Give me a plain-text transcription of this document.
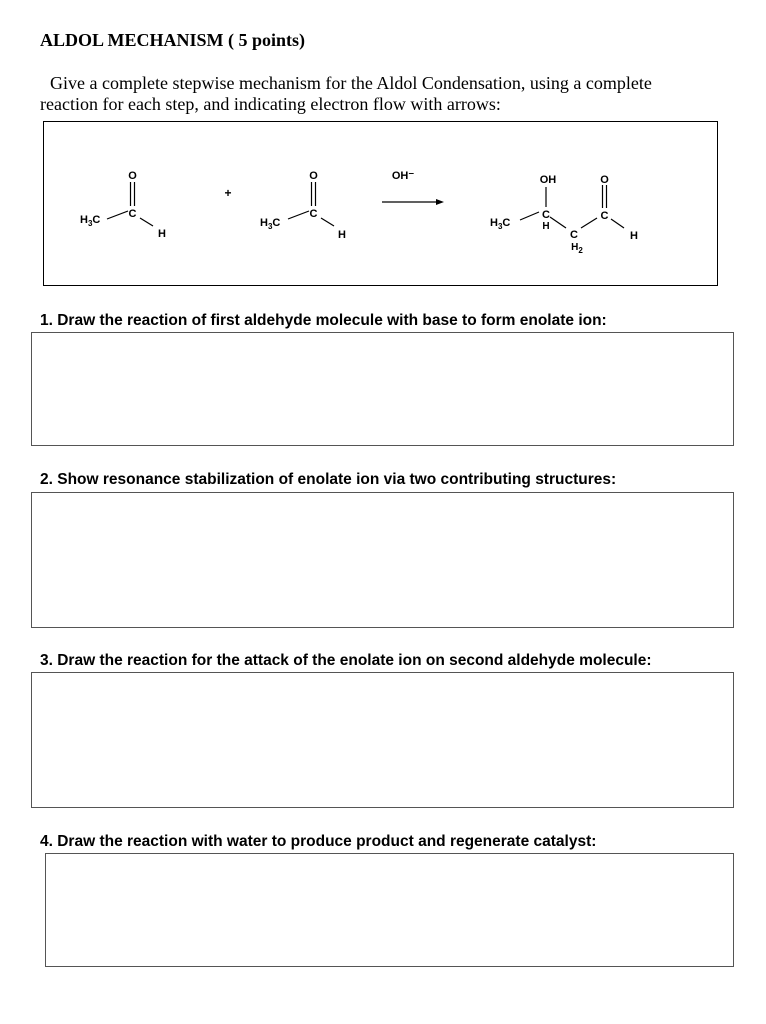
ALDOL MECHANISM ( 5 points)
Give a complete stepwise mechanism for the Aldol Condensation, using a complete
reaction for each step, and indicating electron flow with arrows:
O
$H_3C$	C
H
+
O
$H_3C$
C
H
OH⁻	OH	O
$H_3C$
C
H
C
$H_2$
C
H
1. Draw the reaction of first aldehyde molecule with base to form enolate ion:
2. Show resonance stabilization of enolate ion via two contributing structures:
3. Draw the reaction for the attack of the enolate ion on second aldehyde molecule:
4. Draw the reaction with water to produce product and regenerate catalyst:
